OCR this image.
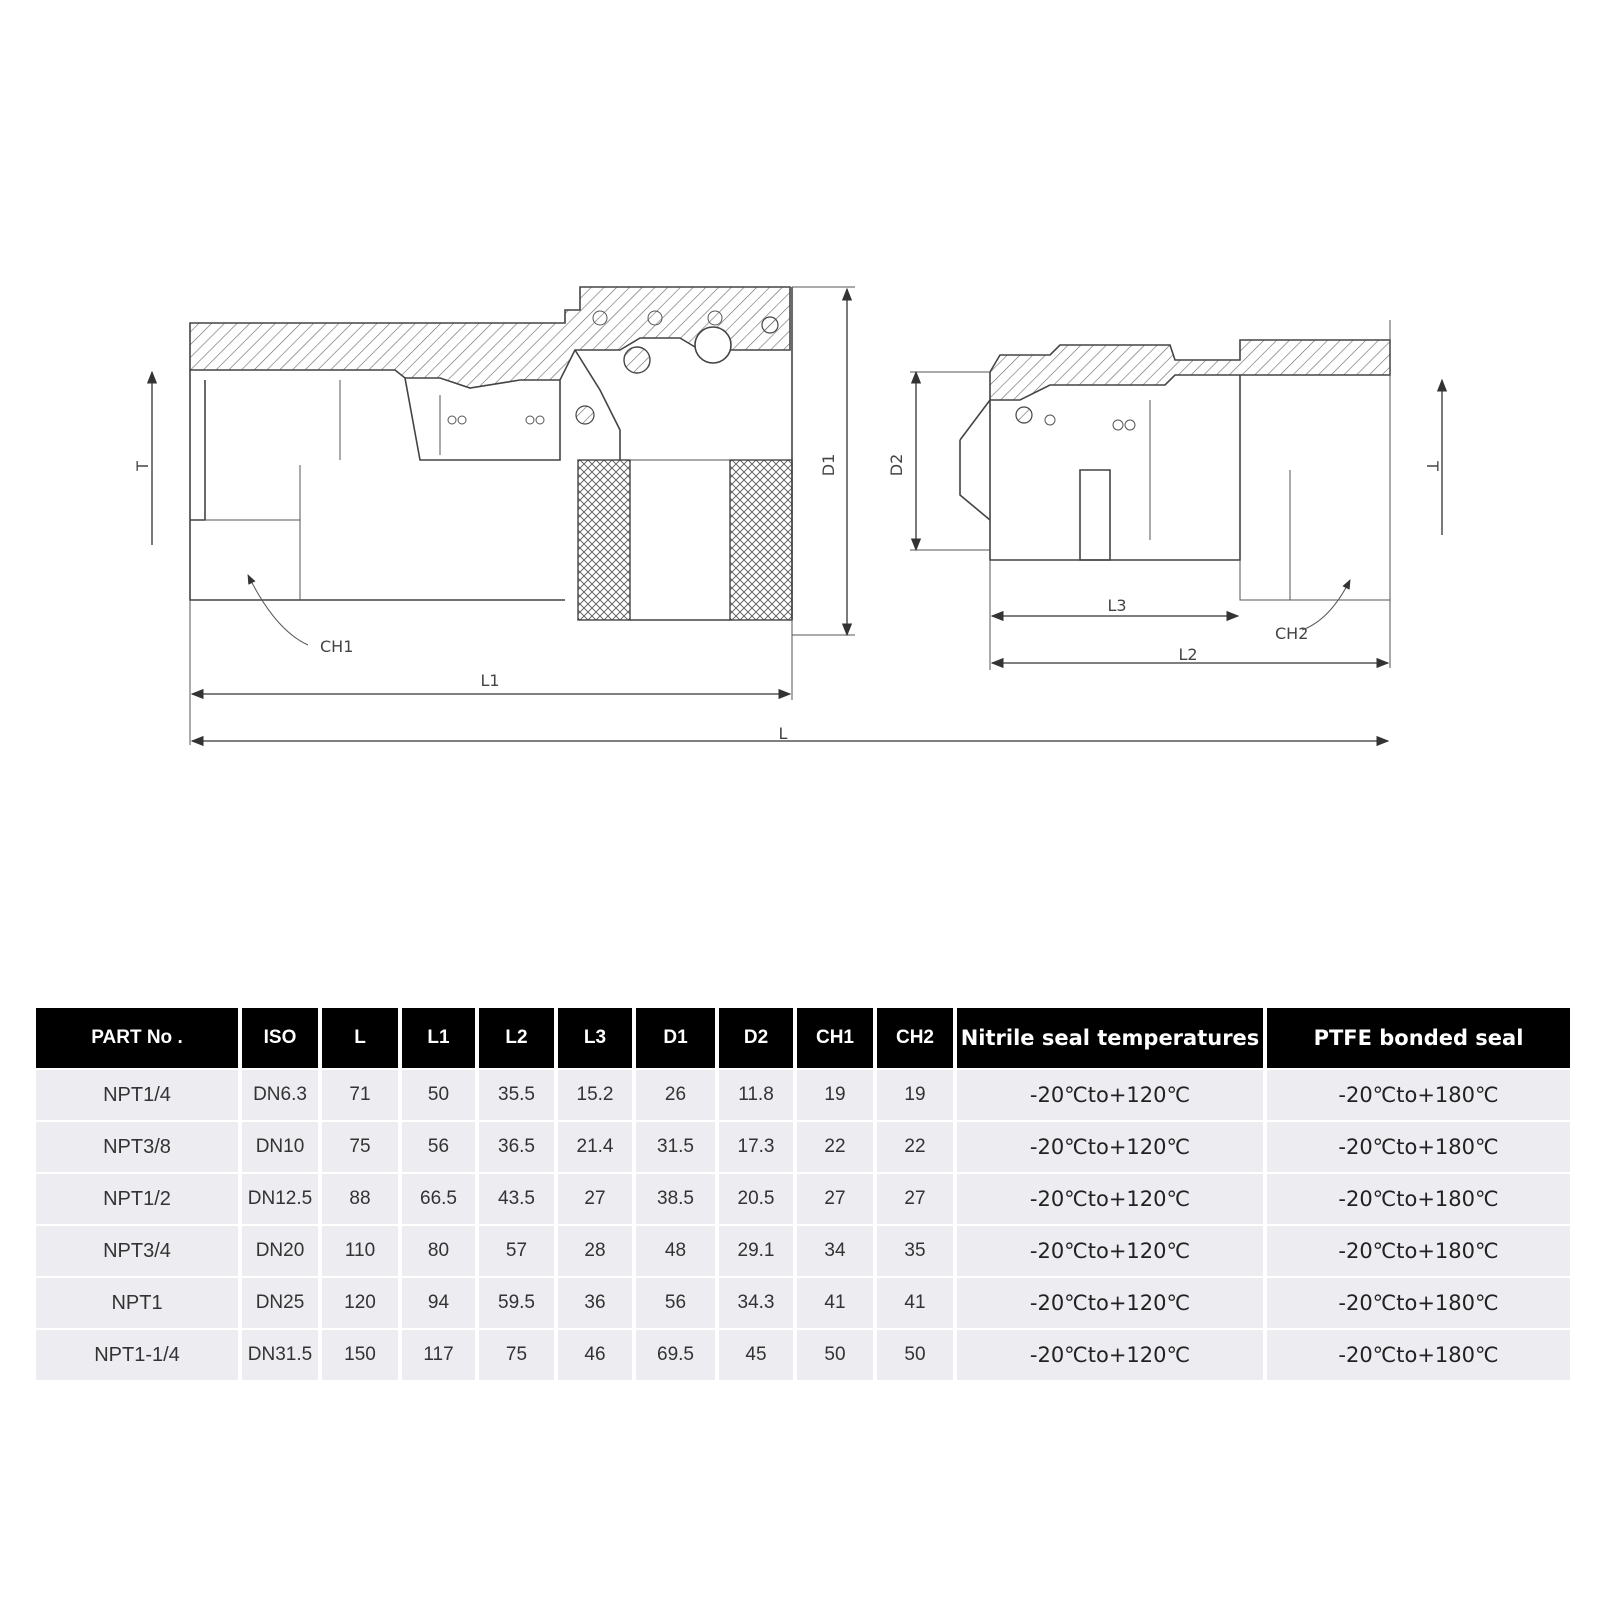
T	D1	D2	T
CH1
CH2
L1
L3
L2
L
PART No .	ISO	L	L1	L2	L3	D1	D2	CH1	CH2	Nitrile seal temperatures	PTFE bonded seal
NPT1/4	DN6.3	71	50	35.5	15.2	26	11.8	19	19	-20℃to+120℃	-20℃to+180℃
NPT3/8	DN10	75	56	36.5	21.4	31.5	17.3	22	22	-20℃to+120℃	-20℃to+180℃
NPT1/2	DN12.5	88	66.5	43.5	27	38.5	20.5	27	27	-20℃to+120℃	-20℃to+180℃
NPT3/4	DN20	110	80	57	28	48	29.1	34	35	-20℃to+120℃	-20℃to+180℃
NPT1	DN25	120	94	59.5	36	56	34.3	41	41	-20℃to+120℃	-20℃to+180℃
NPT1-1/4	DN31.5	150	117	75	46	69.5	45	50	50	-20℃to+120℃	-20℃to+180℃
